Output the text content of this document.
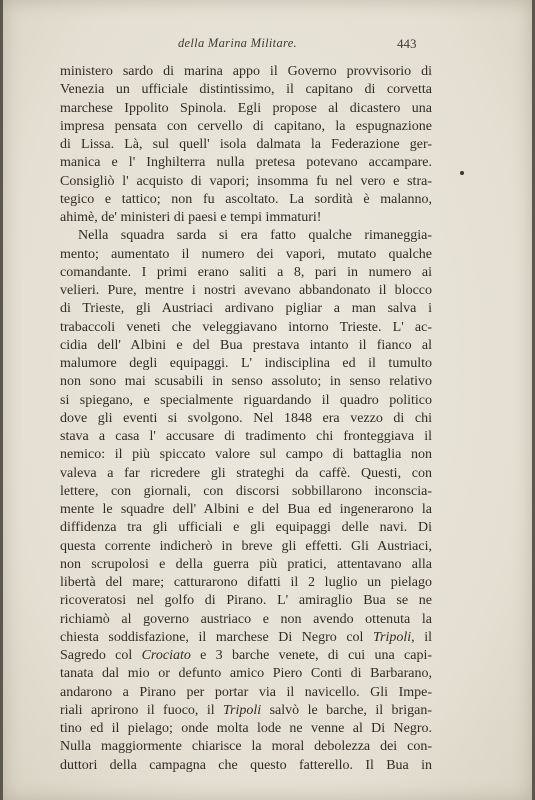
della Marina Militare.	443
ministero sardo di marina appo il Governo provvisorio di
Venezia un ufficiale distintissimo, il capitano di corvetta
marchese Ippolito Spinola. Egli propose al dicastero una
impresa pensata con cervello di capitano, la espugnazione
di Lissa. Là, sul quell' isola dalmata la Federazione ger-
manica e l' Inghilterra nulla pretesa potevano accampare.
Consigliò l' acquisto di vapori; insomma fu nel vero e stra-
tegico e tattico; non fu ascoltato. La sordità è malanno,
ahimè, de' ministeri di paesi e tempi immaturi!
Nella squadra sarda si era fatto qualche rimaneggia-
mento; aumentato il numero dei vapori, mutato qualche
comandante. I primi erano saliti a 8, pari in numero ai
velieri. Pure, mentre i nostri avevano abbandonato il blocco
di Trieste, gli Austriaci ardivano pigliar a man salva i
trabaccoli veneti che veleggiavano intorno Trieste. L' ac-
cidia dell' Albini e del Bua prestava intanto il fianco al
malumore degli equipaggi. L' indisciplina ed il tumulto
non sono mai scusabili in senso assoluto; in senso relativo
si spiegano, e specialmente riguardando il quadro politico
dove gli eventi si svolgono. Nel 1848 era vezzo di chi
stava a casa l' accusare di tradimento chi fronteggiava il
nemico: il più spiccato valore sul campo di battaglia non
valeva a far ricredere gli strateghi da caffè. Questi, con
lettere, con giornali, con discorsi sobbillarono inconscia-
mente le squadre dell' Albini e del Bua ed ingenerarono la
diffidenza tra gli ufficiali e gli equipaggi delle navi. Di
questa corrente indicherò in breve gli effetti. Gli Austriaci,
non scrupolosi e della guerra più pratici, attentavano alla
libertà del mare; catturarono difatti il 2 luglio un pielago
ricoveratosi nel golfo di Pirano. L' amiraglio Bua se ne
richiamò al governo austriaco e non avendo ottenuta la
chiesta soddisfazione, il marchese Di Negro col Tripoli, il
Sagredo col Crociato e 3 barche venete, di cui una capi-
tanata dal mio or defunto amico Piero Conti di Barbarano,
andarono a Pirano per portar via il navicello. Gli Impe-
riali aprirono il fuoco, il Tripoli salvò le barche, il brigan-
tino ed il pielago; onde molta lode ne venne al Di Negro.
Nulla maggiormente chiarisce la moral debolezza dei con-
duttori della campagna che questo fatterello. Il Bua in
